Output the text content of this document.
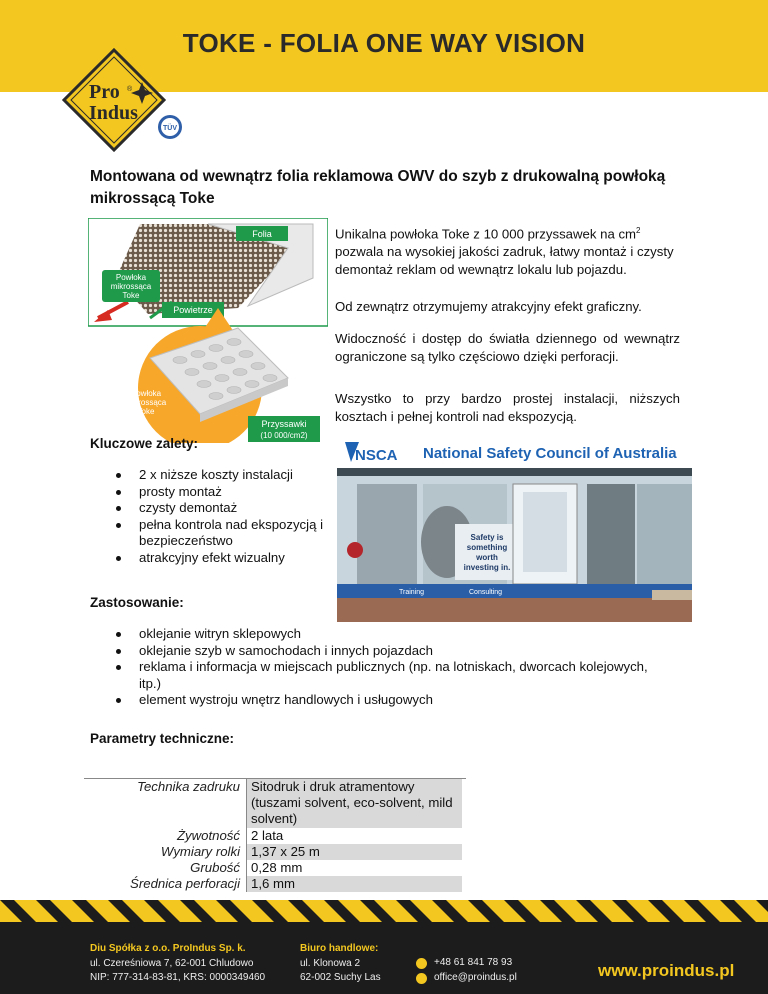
TOKE - FOLIA ONE WAY VISION
Pro
Indus
®
TÜV
Montowana od wewnątrz folia reklamowa OWV do szyb z drukowalną powłoką mikrossącą Toke
Folia
Powłoka
mikrossąca
Toke
Powietrze
Powłoka
mikrossąca
Toke
Przyssawki
(10 000/cm2)
Unikalna powłoka Toke z 10 000 przyssawek na $cm^2$ pozwala na wysokiej jakości zadruk, łatwy montaż i czysty demontaż reklam od wewnątrz lokalu lub pojazdu.
Od zewnątrz otrzymujemy atrakcyjny efekt graficzny.
Widoczność i dostęp do światła dziennego od wewnątrz ograniczone są tylko częściowo dzięki perforacji.
Wszystko to przy bardzo prostej instalacji, niższych kosztach i pełnej kontroli nad ekspozycją.
Kluczowe zalety:
2 x niższe koszty instalacji
prosty montaż
czysty demontaż
pełna kontrola nad ekspozycją i bezpieczeństwo
atrakcyjny efekt wizualny
NSCA National Safety Council of Australia
Safety is
something
worth
investing in.
Training	Consulting
Zastosowanie:
oklejanie witryn sklepowych
oklejanie szyb w samochodach i innych pojazdach
reklama i informacja w miejscach publicznych (np. na lotniskach, dworcach kolejowych, itp.)
element wystroju wnętrz handlowych i usługowych
Parametry techniczne:
Technika zadruku Sitodruk i druk atramentowy (tuszami solvent, eco-solvent, mild solvent)
Żywotność 2 lata
Wymiary rolki 1,37 x 25 m
Grubość 0,28 mm
Średnica perforacji 1,6 mm
Diu Spółka z o.o. ProIndus Sp. k.
ul. Czereśniowa 7, 62-001 Chludowo
NIP: 777-314-83-81, KRS: 0000349460
Biuro handlowe:
ul. Klonowa 2
62-002 Suchy Las
+48 61 841 78 93
office@proindus.pl	www.proindus.pl
